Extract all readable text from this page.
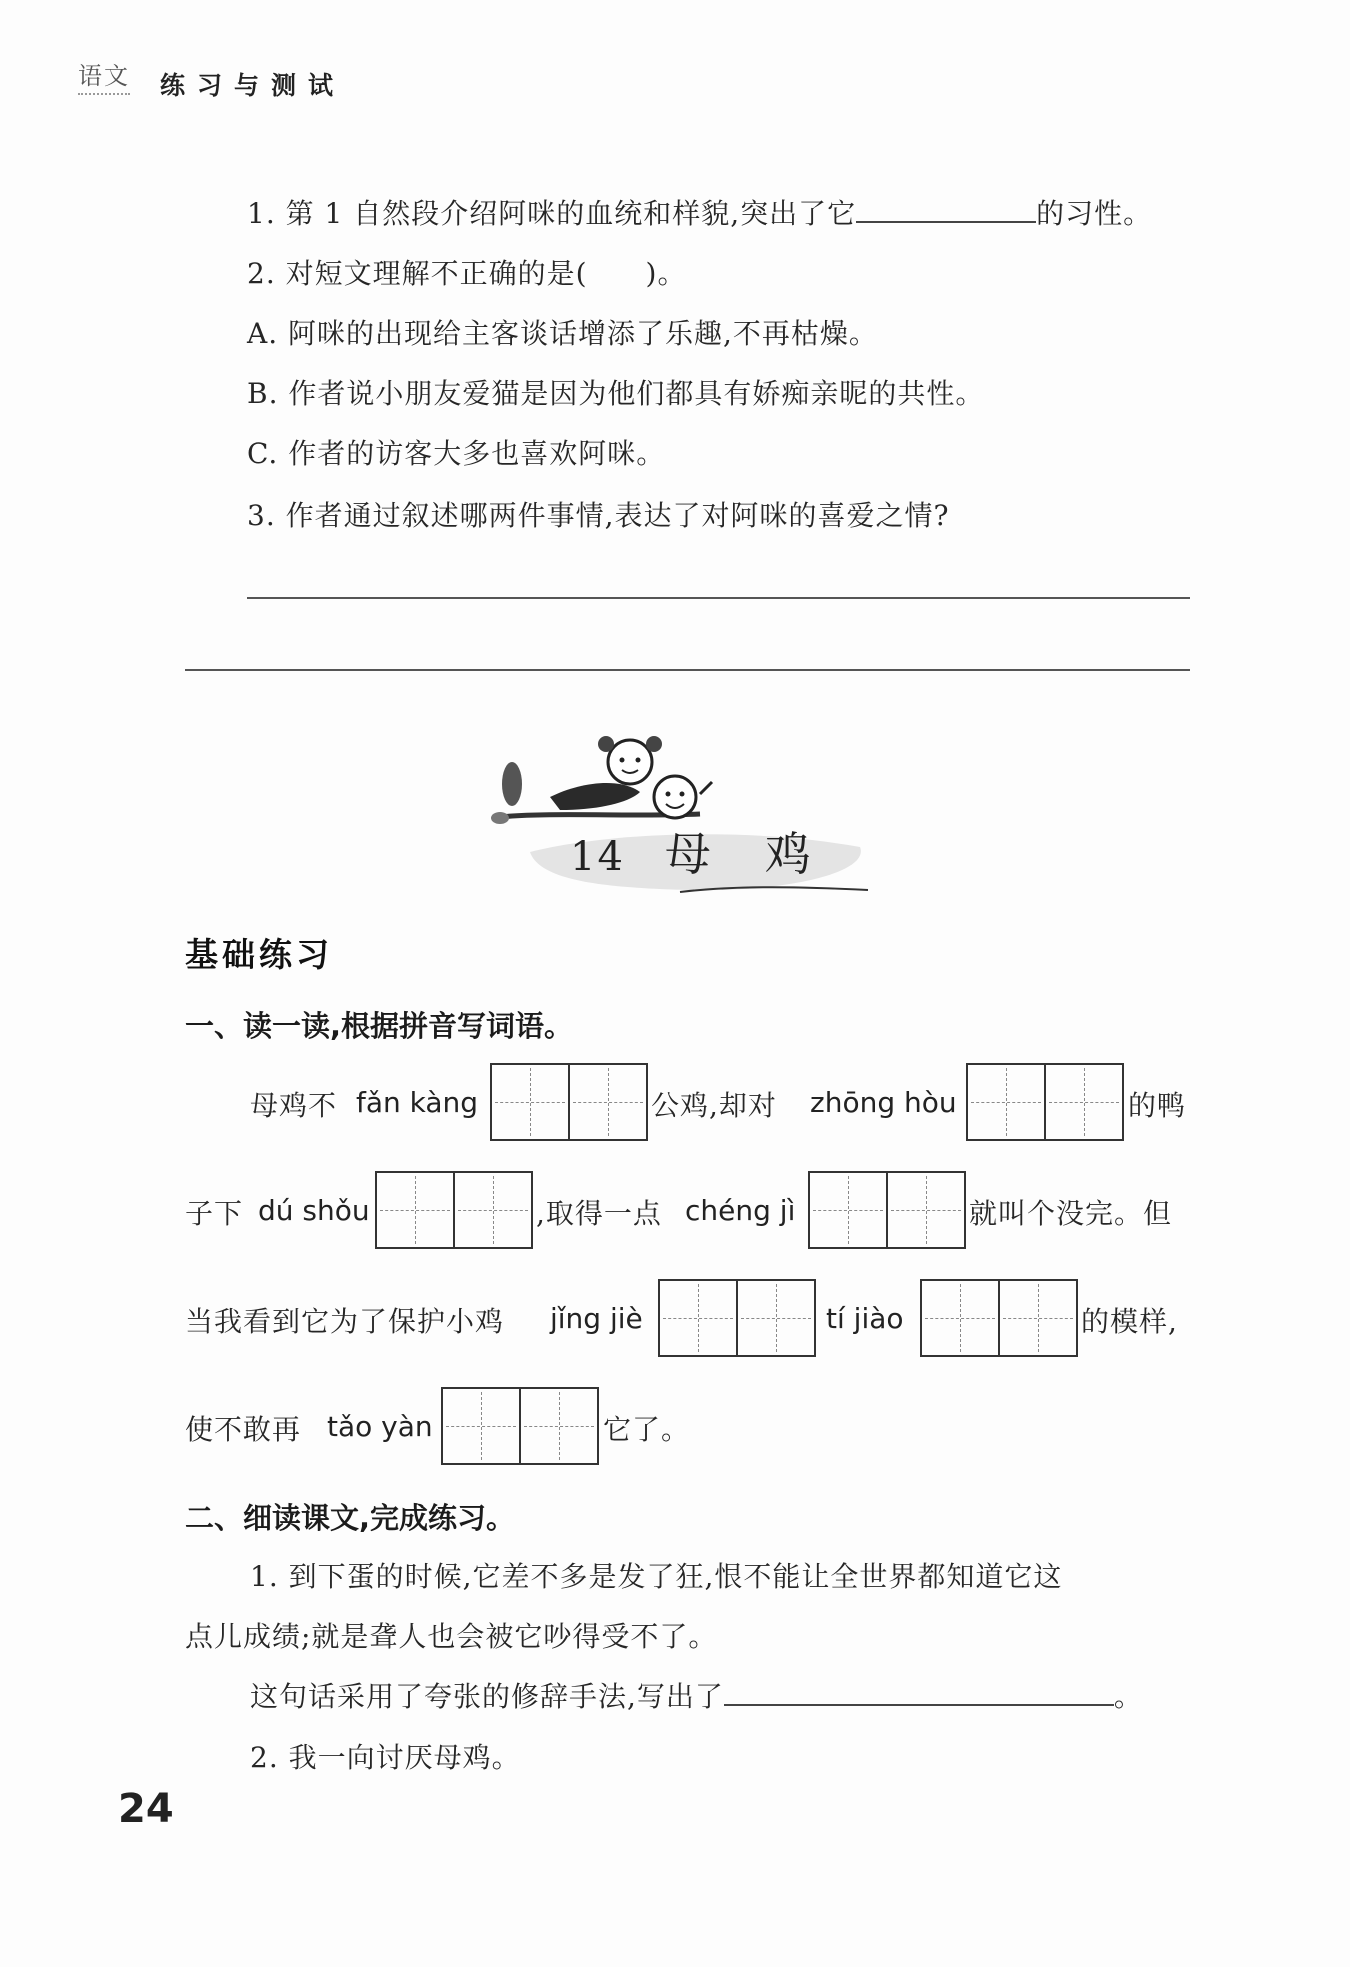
语文 练习与测试
1. 第 1 自然段介绍阿咪的血统和样貌,突出了它	的习性。
2. 对短文理解不正确的是(　　)。
A. 阿咪的出现给主客谈话增添了乐趣,不再枯燥。
B. 作者说小朋友爱猫是因为他们都具有娇痴亲昵的共性。
C. 作者的访客大多也喜欢阿咪。
3. 作者通过叙述哪两件事情,表达了对阿咪的喜爱之情?
14 母 鸡
基础练习
一、读一读,根据拼音写词语。
母鸡不 fǎn kàng	公鸡,却对 zhōng hòu	的鸭
子下 dú shǒu	,取得一点 chéng jì	就叫个没完。但
当我看到它为了保护小鸡 jǐng jiè	tí jiào	的模样,
使不敢再 tǎo yàn	它了。
二、细读课文,完成练习。
1. 到下蛋的时候,它差不多是发了狂,恨不能让全世界都知道它这
点儿成绩;就是聋人也会被它吵得受不了。
这句话采用了夸张的修辞手法,写出了	。
2. 我一向讨厌母鸡。
24
